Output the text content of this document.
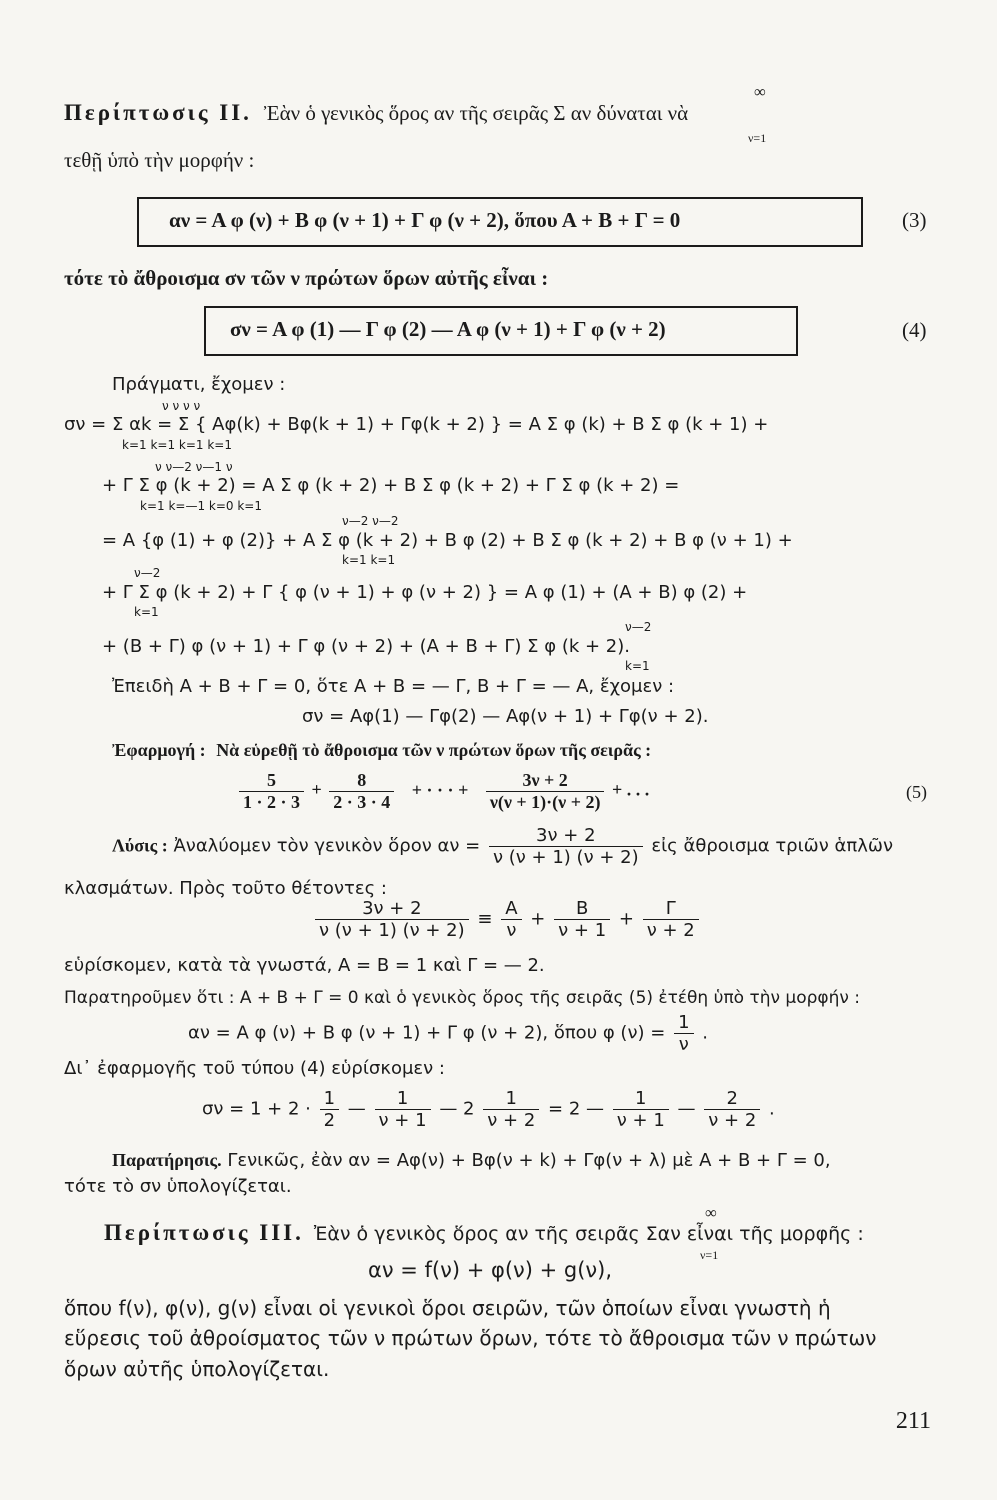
Περίπτωσις II. Ἐὰν ὁ γενικὸς ὅρος αν τῆς σειρᾶς Σ αν δύναται νὰ
∞
ν=1
τεθῇ ὑπὸ τὴν μορφήν :
αν = Α φ (ν) + Β φ (ν + 1) + Γ φ (ν + 2), ὅπου Α + Β + Γ = 0	(3)
τότε τὸ ἄθροισμα σν τῶν ν πρώτων ὅρων αὐτῆς εἶναι :
σν = Α φ (1) — Γ φ (2) — Α φ (ν + 1) + Γ φ (ν + 2)	(4)
Πράγματι, ἔχομεν :
ν ν ν ν
σν = Σ αk = Σ { Αφ(k) + Βφ(k + 1) + Γφ(k + 2) } = Α Σ φ (k) + Β Σ φ (k + 1) +
k=1 k=1 k=1 k=1
ν ν—2 ν—1 ν
+ Γ Σ φ (k + 2) = Α Σ φ (k + 2) + Β Σ φ (k + 2) + Γ Σ φ (k + 2) =
k=1 k=—1 k=0 k=1
ν—2 ν—2
= Α {φ (1) + φ (2)} + Α Σ φ (k + 2) + Β φ (2) + Β Σ φ (k + 2) + Β φ (ν + 1) +
k=1 k=1
ν—2
+ Γ Σ φ (k + 2) + Γ { φ (ν + 1) + φ (ν + 2) } = Α φ (1) + (Α + Β) φ (2) +
k=1
ν—2
+ (Β + Γ) φ (ν + 1) + Γ φ (ν + 2) + (Α + Β + Γ) Σ φ (k + 2).
k=1
Ἐπειδὴ Α + Β + Γ = 0, ὅτε Α + Β = — Γ, Β + Γ = — Α, ἔχομεν :
σν = Αφ(1) — Γφ(2) — Αφ(ν + 1) + Γφ(ν + 2).
Ἐφαρμογή : Νὰ εὑρεθῇ τὸ ἄθροισμα τῶν ν πρώτων ὅρων τῆς σειρᾶς :
$\frac{5}{1 \cdot 2 \cdot 3} + \frac{8}{2 \cdot 3 \cdot 4}$ + · · · + $\frac{3\nu + 2}{\nu(\nu + 1)\cdot(\nu + 2)}$ + . . .	(5)
Λύσις : Ἀναλύομεν τὸν γενικὸν ὅρον $\alpha\nu = \frac{3\nu + 2}{\nu (\nu + 1) (\nu + 2)}$ εἰς ἄθροισμα τριῶν ἁπλῶν
κλασμάτων. Πρὸς τοῦτο θέτοντες :
$\frac{3\nu + 2}{\nu (\nu + 1) (\nu + 2)} \equiv \frac{A}{\nu} + \frac{B}{\nu + 1} + \frac{\Gamma}{\nu + 2}$
εὑρίσκομεν, κατὰ τὰ γνωστά, Α = Β = 1 καὶ Γ = — 2.
Παρατηροῦμεν ὅτι : Α + Β + Γ = 0 καὶ ὁ γενικὸς ὅρος τῆς σειρᾶς (5) ἐτέθη ὑπὸ τὴν μορφήν :
αν = Α φ (ν) + Β φ (ν + 1) + Γ φ (ν + 2), ὅπου φ $(\nu) = \frac{1}{\nu}$ .
Δι᾽ ἐφαρμογῆς τοῦ τύπου (4) εὑρίσκομεν :
$\sigma\nu = 1 + 2 \cdot \frac{1}{2}$ — $\frac{1}{\nu + 1}$ — $2 \frac{1}{\nu + 2} = 2$ — $\frac{1}{\nu + 1}$ — $\frac{2}{\nu + 2}$ .
Παρατήρησις. Γενικῶς, ἐὰν αν = Αφ(ν) + Βφ(ν + k) + Γφ(ν + λ) μὲ Α + Β + Γ = 0,
τότε τὸ σν ὑπολογίζεται.
Περίπτωσις III. Ἐὰν ὁ γενικὸς ὅρος αν τῆς σειρᾶς Σαν εἶναι τῆς μορφῆς :
∞
ν=1
αν = f(ν) + φ(ν) + g(ν),
ὅπου f(ν), φ(ν), g(ν) εἶναι οἱ γενικοὶ ὅροι σειρῶν, τῶν ὁποίων εἶναι γνωστὴ ἡ
εὕρεσις τοῦ ἀθροίσματος τῶν ν πρώτων ὅρων, τότε τὸ ἄθροισμα τῶν ν πρώτων
ὅρων αὐτῆς ὑπολογίζεται.
211
